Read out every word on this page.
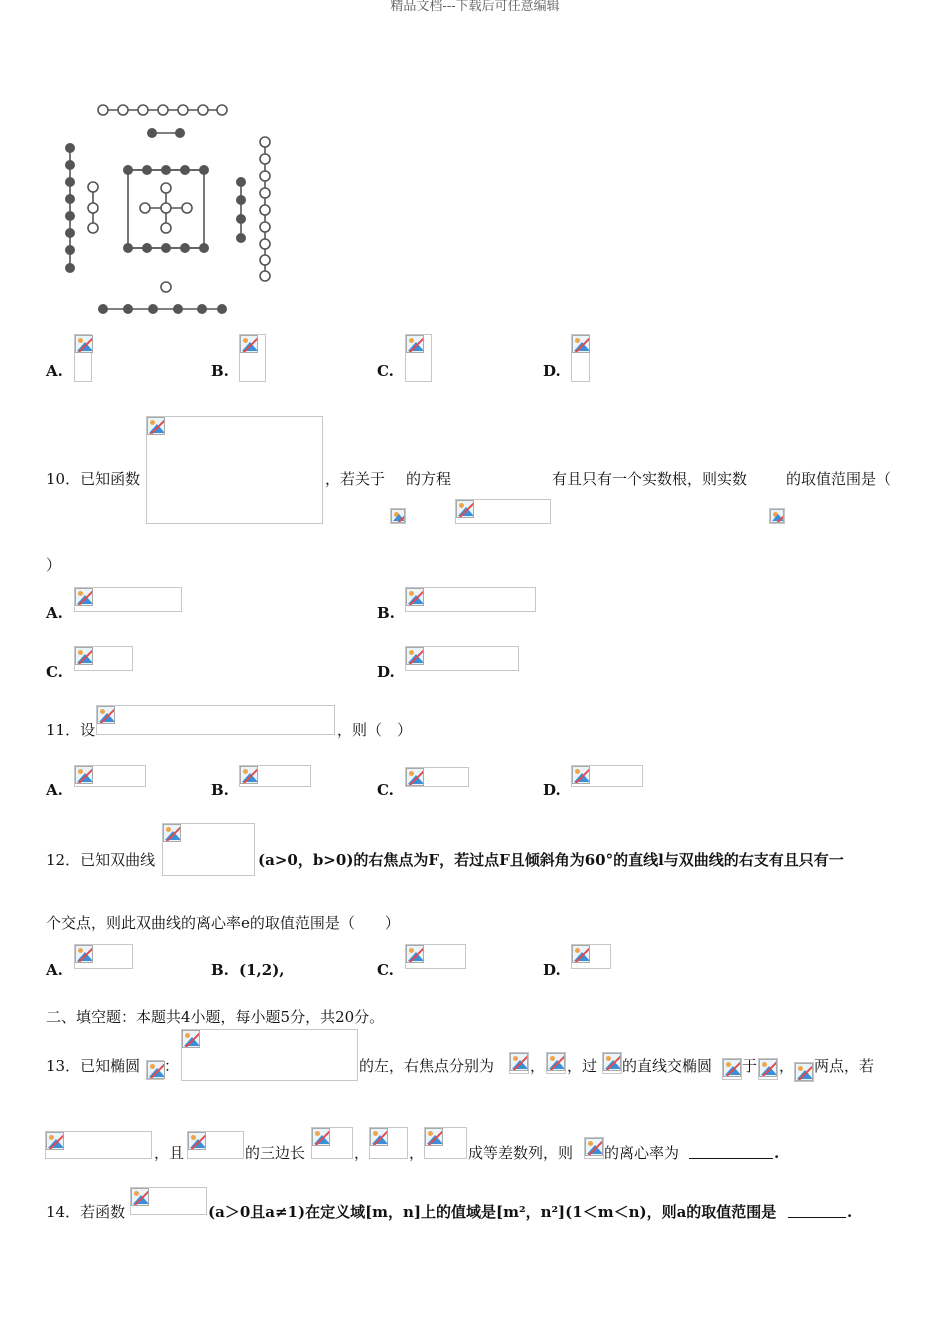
精品文档---下载后可任意编辑
A.	B.	C.	D.
10．已知函数	，若关于 的方程	有且只有一个实数根，则实数	的取值范围是（
）
A.	B.
C.	D.
11．设	，则（　）
A.	B.	C.	D.
12．已知双曲线	(a>0，b>0)的右焦点为F，若过点F且倾斜角为60°的直线l与双曲线的右支有且只有一
个交点，则此双曲线的离心率e的取值范围是（　　）
A.	B. (1,2),	C.	D.
二、填空题：本题共4小题，每小题5分，共20分。
13．已知椭圆 ：	的左，右焦点分别为 ， ，过 的直线交椭圆 于 ， 两点，若
，且	的三边长	，	，	成等差数列，则 的离心率为	.
14．若函数	(a＞0且a≠1)在定义域[m，n]上的值域是[m²，n²](1＜m＜n)，则a的取值范围是	.
